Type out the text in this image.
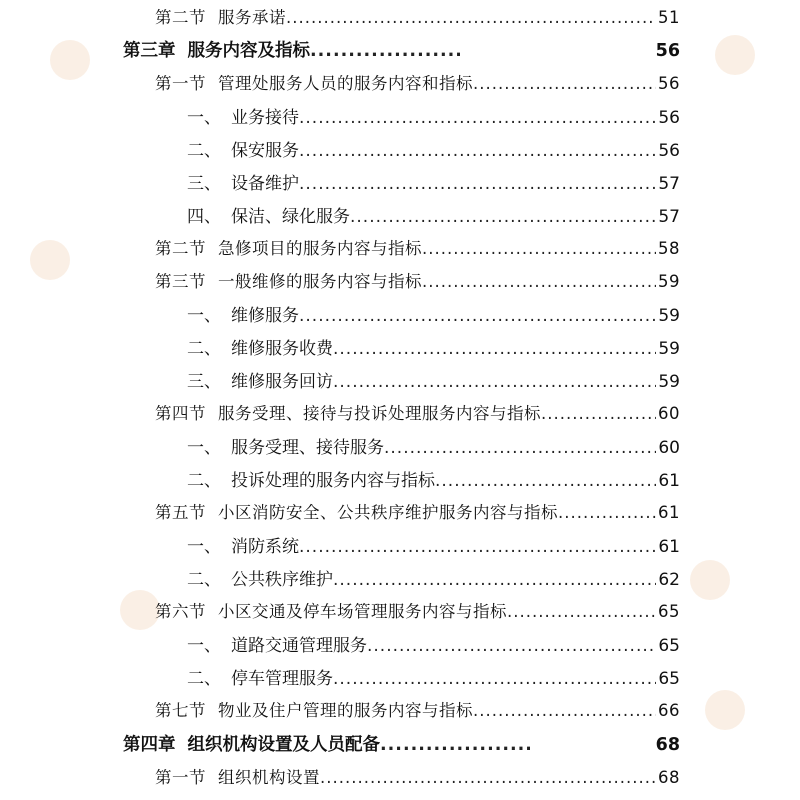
第二节 服务承诺 .....	51
第三章 服务内容及指标 .....	56
第一节 管理处服务人员的服务内容和指标 .....	56
一、 业务接待 .....	56
二、 保安服务 .....	56
三、 设备维护 .....	57
四、 保洁、绿化服务 .....	57
第二节 急修项目的服务内容与指标 .....	58
第三节 一般维修的服务内容与指标 .....	59
一、 维修服务 .....	59
二、 维修服务收费 .....	59
三、 维修服务回访 .....	59
第四节 服务受理、接待与投诉处理服务内容与指标 .....	60
一、 服务受理、接待服务 .....	60
二、 投诉处理的服务内容与指标 .....	61
第五节 小区消防安全、公共秩序维护服务内容与指标 .....	61
一、 消防系统 .....	61
二、 公共秩序维护 .....	62
第六节 小区交通及停车场管理服务内容与指标 .....	65
一、 道路交通管理服务 .....	65
二、 停车管理服务 .....	65
第七节 物业及住户管理的服务内容与指标 .....	66
第四章 组织机构设置及人员配备 .....	68
第一节 组织机构设置 .....	68
